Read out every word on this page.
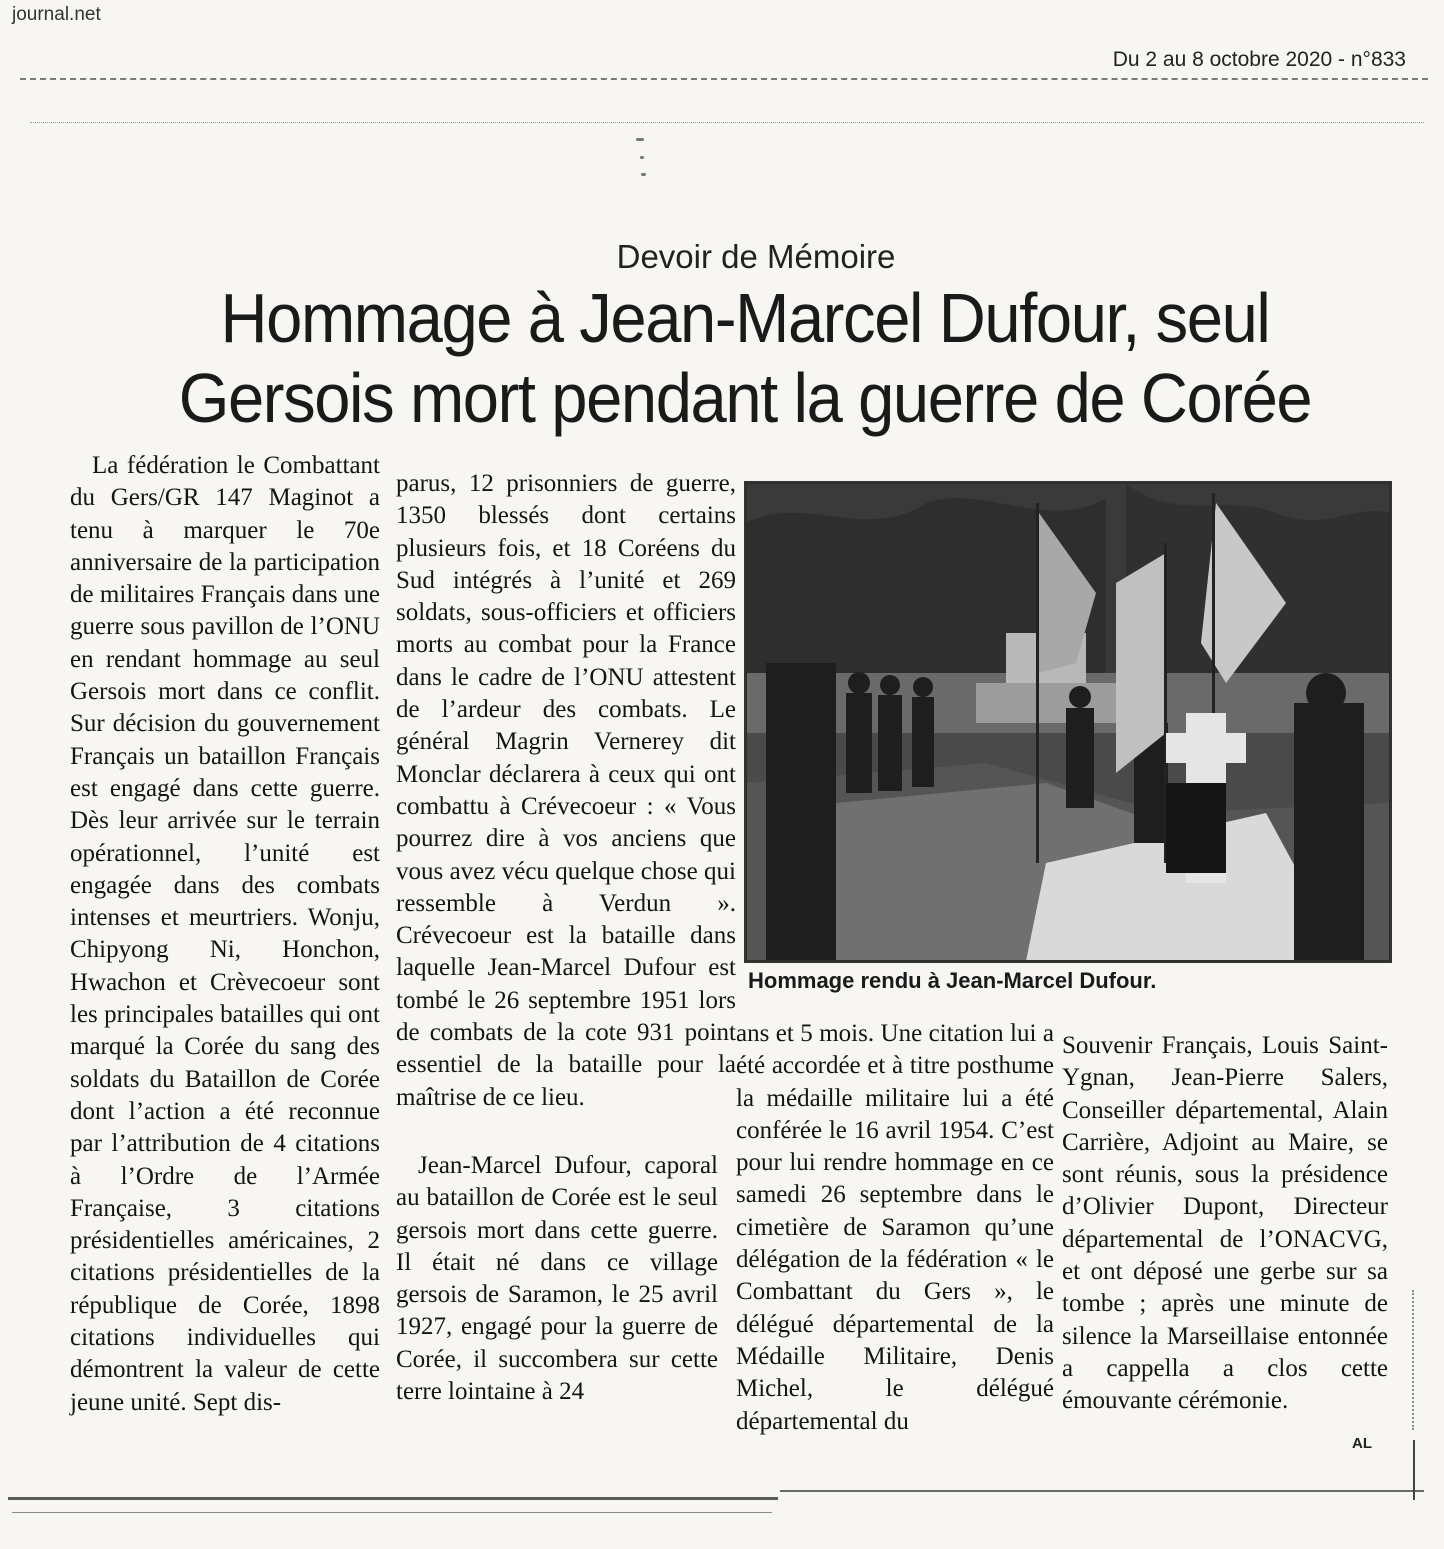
journal.net
Du 2 au 8 octobre 2020 - n°833
Devoir de Mémoire
Hommage à Jean-Marcel Dufour, seul
Gersois mort pendant la guerre de Corée

La fédération le Combattant du Gers/GR 147 Maginot a tenu à marquer le 70e anniversaire de la participation de militaires Français dans une guerre sous pavillon de l’ONU en rendant hommage au seul Gersois mort dans ce conflit. Sur décision du gouvernement Français un bataillon Français est engagé dans cette guerre. Dès leur arrivée sur le terrain opérationnel, l’unité est engagée dans des combats intenses et meurtriers. Wonju, Chipyong Ni, Honchon, Hwachon et Crèvecoeur sont les principales batailles qui ont marqué la Corée du sang des soldats du Bataillon de Corée dont l’action a été reconnue par l’attribution de 4 citations à l’Ordre de l’Armée Française, 3 citations présidentielles américaines, 2 citations présidentielles de la république de Corée, 1898 citations individuelles qui démontrent la valeur de cette jeune unité. Sept dis-

parus, 12 prisonniers de guerre, 1350 blessés dont certains plusieurs fois, et 18 Coréens du Sud intégrés à l’unité et 269 soldats, sous-officiers et officiers morts au combat pour la France dans le cadre de l’ONU attestent de l’ardeur des combats. Le général Magrin Vernerey dit Monclar déclarera à ceux qui ont combattu à Crévecoeur : « Vous pourrez dire à vos anciens que vous avez vécu quelque chose qui ressemble à Verdun ». Crévecoeur est la bataille dans laquelle Jean-Marcel Dufour est tombé le 26 septembre 1951 lors de combats de la cote 931 point essentiel de la bataille pour la maîtrise de ce lieu.

Jean-Marcel Dufour, caporal au bataillon de Corée est le seul gersois mort dans cette guerre. Il était né dans ce village gersois de Saramon, le 25 avril 1927, engagé pour la guerre de Corée, il succombera sur cette terre lointaine à 24

Hommage rendu à Jean-Marcel Dufour.

ans et 5 mois. Une citation lui a été accordée et à titre posthume la médaille militaire lui a été conférée le 16 avril 1954. C’est pour lui rendre hommage en ce samedi 26 septembre dans le cimetière de Saramon qu’une délégation de la fédération « le Combattant du Gers », le délégué départemental de la Médaille Militaire, Denis Michel, le délégué départemental du

Souvenir Français, Louis Saint-Ygnan, Jean-Pierre Salers, Conseiller départemental, Alain Carrière, Adjoint au Maire, se sont réunis, sous la présidence d’Olivier Dupont, Directeur départemental de l’ONACVG, et ont déposé une gerbe sur sa tombe ; après une minute de silence la Marseillaise entonnée a cappella a clos cette émouvante cérémonie.

AL
